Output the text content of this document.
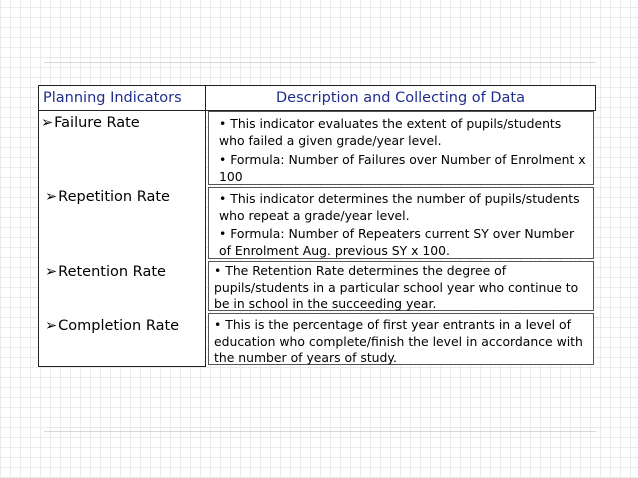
Planning Indicators	Description and Collecting of Data
➢Failure Rate
➢Repetition Rate
➢Retention Rate
➢Completion Rate
• This indicator evaluates the extent of pupils/students who failed a given grade/year level.
• Formula: Number of Failures over Number of Enrolment x 100
• This indicator determines the number of pupils/students who repeat a grade/year level.
• Formula: Number of Repeaters current SY over Number of Enrolment Aug. previous SY x 100.
• The Retention Rate determines the degree of pupils/students in a particular school year who continue to be in school in the succeeding year.
• This is the percentage of first year entrants in a level of education who complete/finish the level in accordance with the number of years of study.
